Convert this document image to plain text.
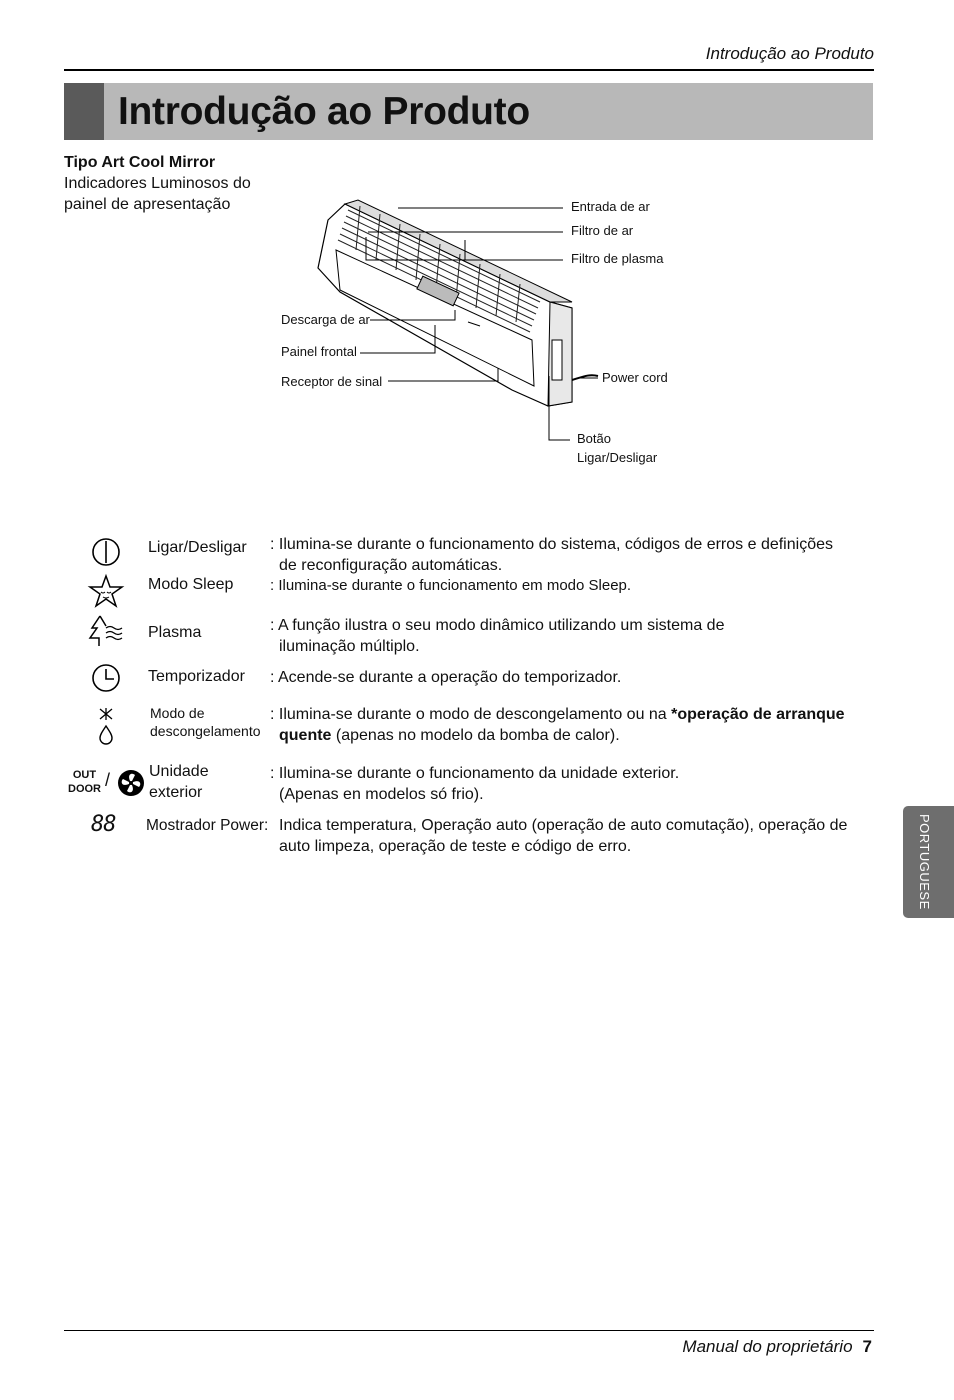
Introdução ao Produto
Introdução ao Produto
Tipo Art Cool Mirror
Indicadores Luminosos do
painel de apresentação	Entrada de ar
Filtro de ar
Filtro de plasma
Descarga de ar
Painel frontal
Receptor de sinal	Power cord
Botão
Ligar/Desligar
Ligar/Desligar : Ilumina-se durante o funcionamento do sistema, códigos de erros e definições
de reconfiguração automáticas.
Modo Sleep : Ilumina-se durante o funcionamento em modo Sleep.
Plasma	: A função ilustra o seu modo dinâmico utilizando um sistema de
iluminação múltiplo.
Temporizador : Acende-se durante a operação do temporizador.
Modo de
descongelamento
: Ilumina-se durante o modo de descongelamento ou na *operação de arranque
quente (apenas no modelo da bomba de calor).
OUT
DOOR / Unidade
exterior
: Ilumina-se durante o funcionamento da unidade exterior.
(Apenas en modelos só frio).
88 Mostrador Power: Indica temperatura, Operação auto (operação de auto comutação), operação de
auto limpeza, operação de teste e código de erro.	PORTUGUESE
Manual do proprietário 7
